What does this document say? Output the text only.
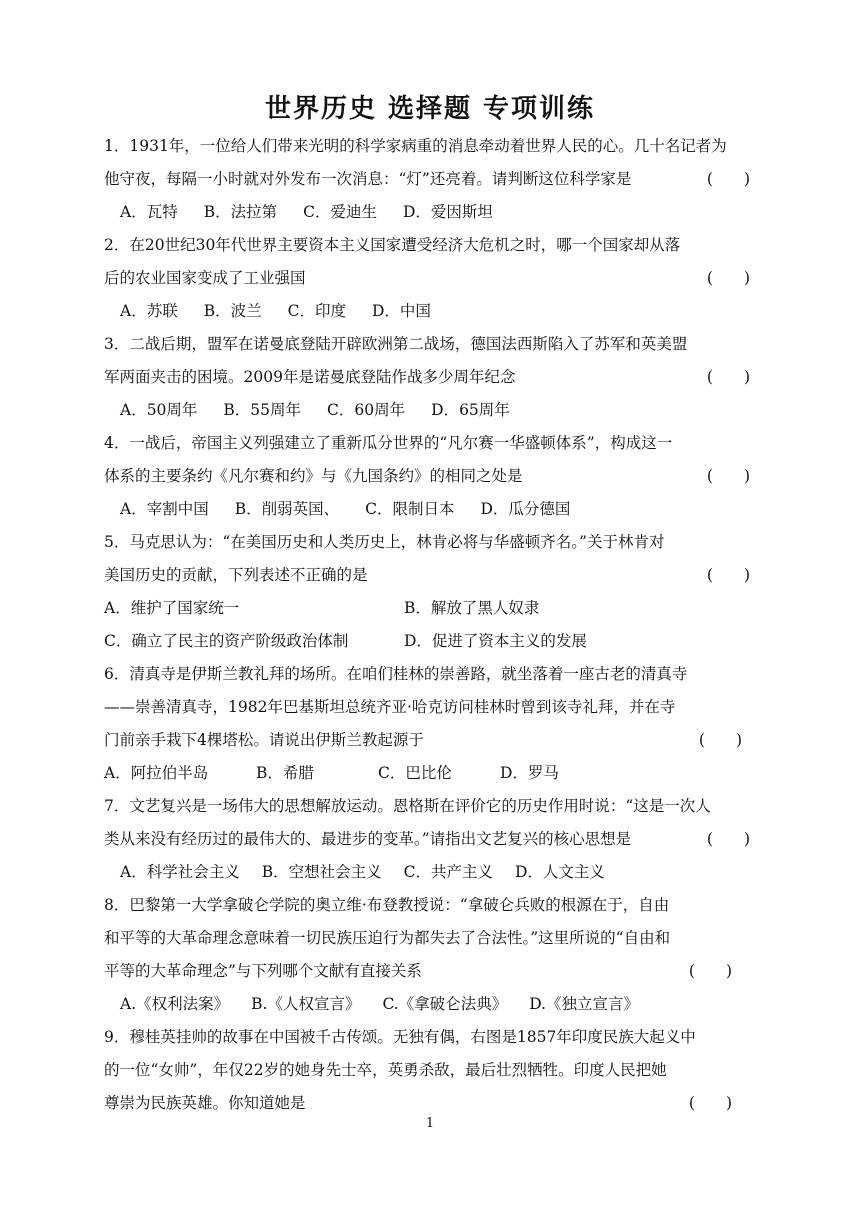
世界历史 选择题 专项训练
1．1931年，一位给人们带来光明的科学家病重的消息牵动着世界人民的心。几十名记者为
他守夜，每隔一小时就对外发布一次消息：“灯”还亮着。请判断这位科学家是	(　　)
A．瓦特 B．法拉第 C．爱迪生 D．爱因斯坦
2．在20世纪30年代世界主要资本主义国家遭受经济大危机之时，哪一个国家却从落
后的农业国家变成了工业强国	(　　)
A．苏联 B．波兰 C．印度 D．中国
3．二战后期，盟军在诺曼底登陆开辟欧洲第二战场，德国法西斯陷入了苏军和英美盟
军两面夹击的困境。2009年是诺曼底登陆作战多少周年纪念	(　　)
A．50周年 B．55周年 C．60周年 D．65周年
4．一战后，帝国主义列强建立了重新瓜分世界的“凡尔赛一华盛顿体系”，构成这一
体系的主要条约《凡尔赛和约》与《九国条约》的相同之处是	(　　)
A．宰割中国 B．削弱英国、 C．限制日本 D．瓜分德国
5．马克思认为：“在美国历史和人类历史上，林肯必将与华盛顿齐名。”关于林肯对
美国历史的贡献，下列表述不正确的是	(　　)
A．维护了国家统一	B．解放了黑人奴隶
C．确立了民主的资产阶级政治体制	D．促进了资本主义的发展
6．清真寺是伊斯兰教礼拜的场所。在咱们桂林的崇善路，就坐落着一座古老的清真寺
——崇善清真寺，1982年巴基斯坦总统齐亚·哈克访问桂林时曾到该寺礼拜，并在寺
门前亲手栽下4棵塔松。请说出伊斯兰教起源于	(　　)
A．阿拉伯半岛	B．希腊	C．巴比伦	D．罗马
7．文艺复兴是一场伟大的思想解放运动。恩格斯在评价它的历史作用时说：“这是一次人
类从来没有经历过的最伟大的、最进步的变革。”请指出文艺复兴的核心思想是	(　　)
A．科学社会主义 B．空想社会主义 C．共产主义 D．人文主义
8．巴黎第一大学拿破仑学院的奥立维·布登教授说：“拿破仑兵败的根源在于，自由
和平等的大革命理念意味着一切民族压迫行为都失去了合法性。”这里所说的“自由和
平等的大革命理念”与下列哪个文献有直接关系	(　　)
A.《权利法案》 B.《人权宣言》 C.《拿破仑法典》 D.《独立宣言》
9．穆桂英挂帅的故事在中国被千古传颂。无独有偶，右图是1857年印度民族大起义中
的一位“女帅”，年仅22岁的她身先士卒，英勇杀敌，最后壮烈牺牲。印度人民把她
尊崇为民族英雄。你知道她是	(　　)
1
